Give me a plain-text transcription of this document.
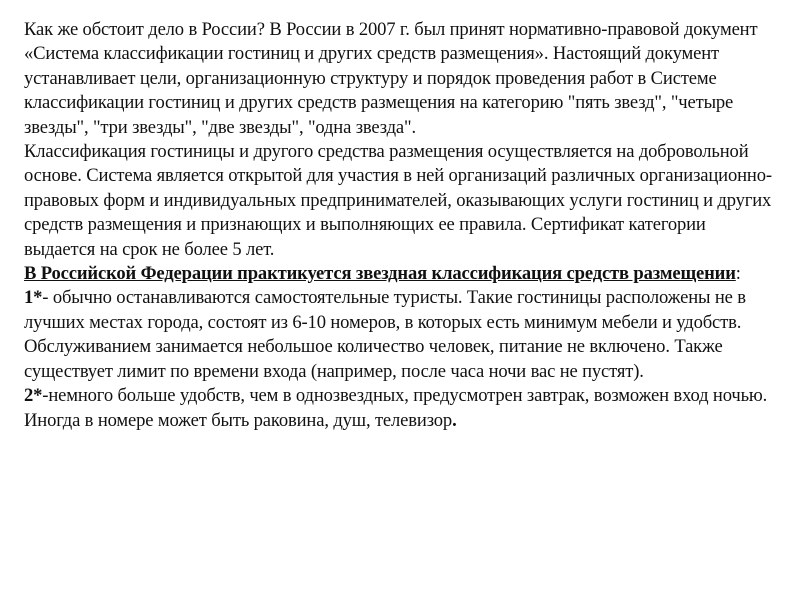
Как же обстоит дело в России? В России в 2007 г. был принят нормативно-правовой документ «Система классификации гостиниц и других средств размещения». Настоящий документ устанавливает цели, организационную структуру и порядок проведения работ в Системе классификации гостиниц и других средств размещения на категорию "пять звезд", "четыре звезды", "три звезды", "две звезды", "одна звезда".

Классификация гостиницы и другого средства размещения осуществляется на добровольной основе. Система является открытой для участия в ней организаций различных организационно-правовых форм и индивидуальных предпринимателей, оказывающих услуги гостиниц и других средств размещения и признающих и выполняющих ее правила. Сертификат категории выдается на срок не более 5 лет.

В Российской Федерации практикуется звездная классификация средств размещении:

1*- обычно останавливаются самостоятельные туристы. Такие гостиницы расположены не в лучших местах города, состоят из 6-10 номеров, в которых есть минимум мебели и удобств. Обслуживанием занимается небольшое количество человек, питание не включено. Также существует лимит по времени входа (например, после часа ночи вас не пустят).

2*-немного больше удобств, чем в однозвездных, предусмотрен завтрак, возможен вход ночью. Иногда в номере может быть раковина, душ, телевизор.
